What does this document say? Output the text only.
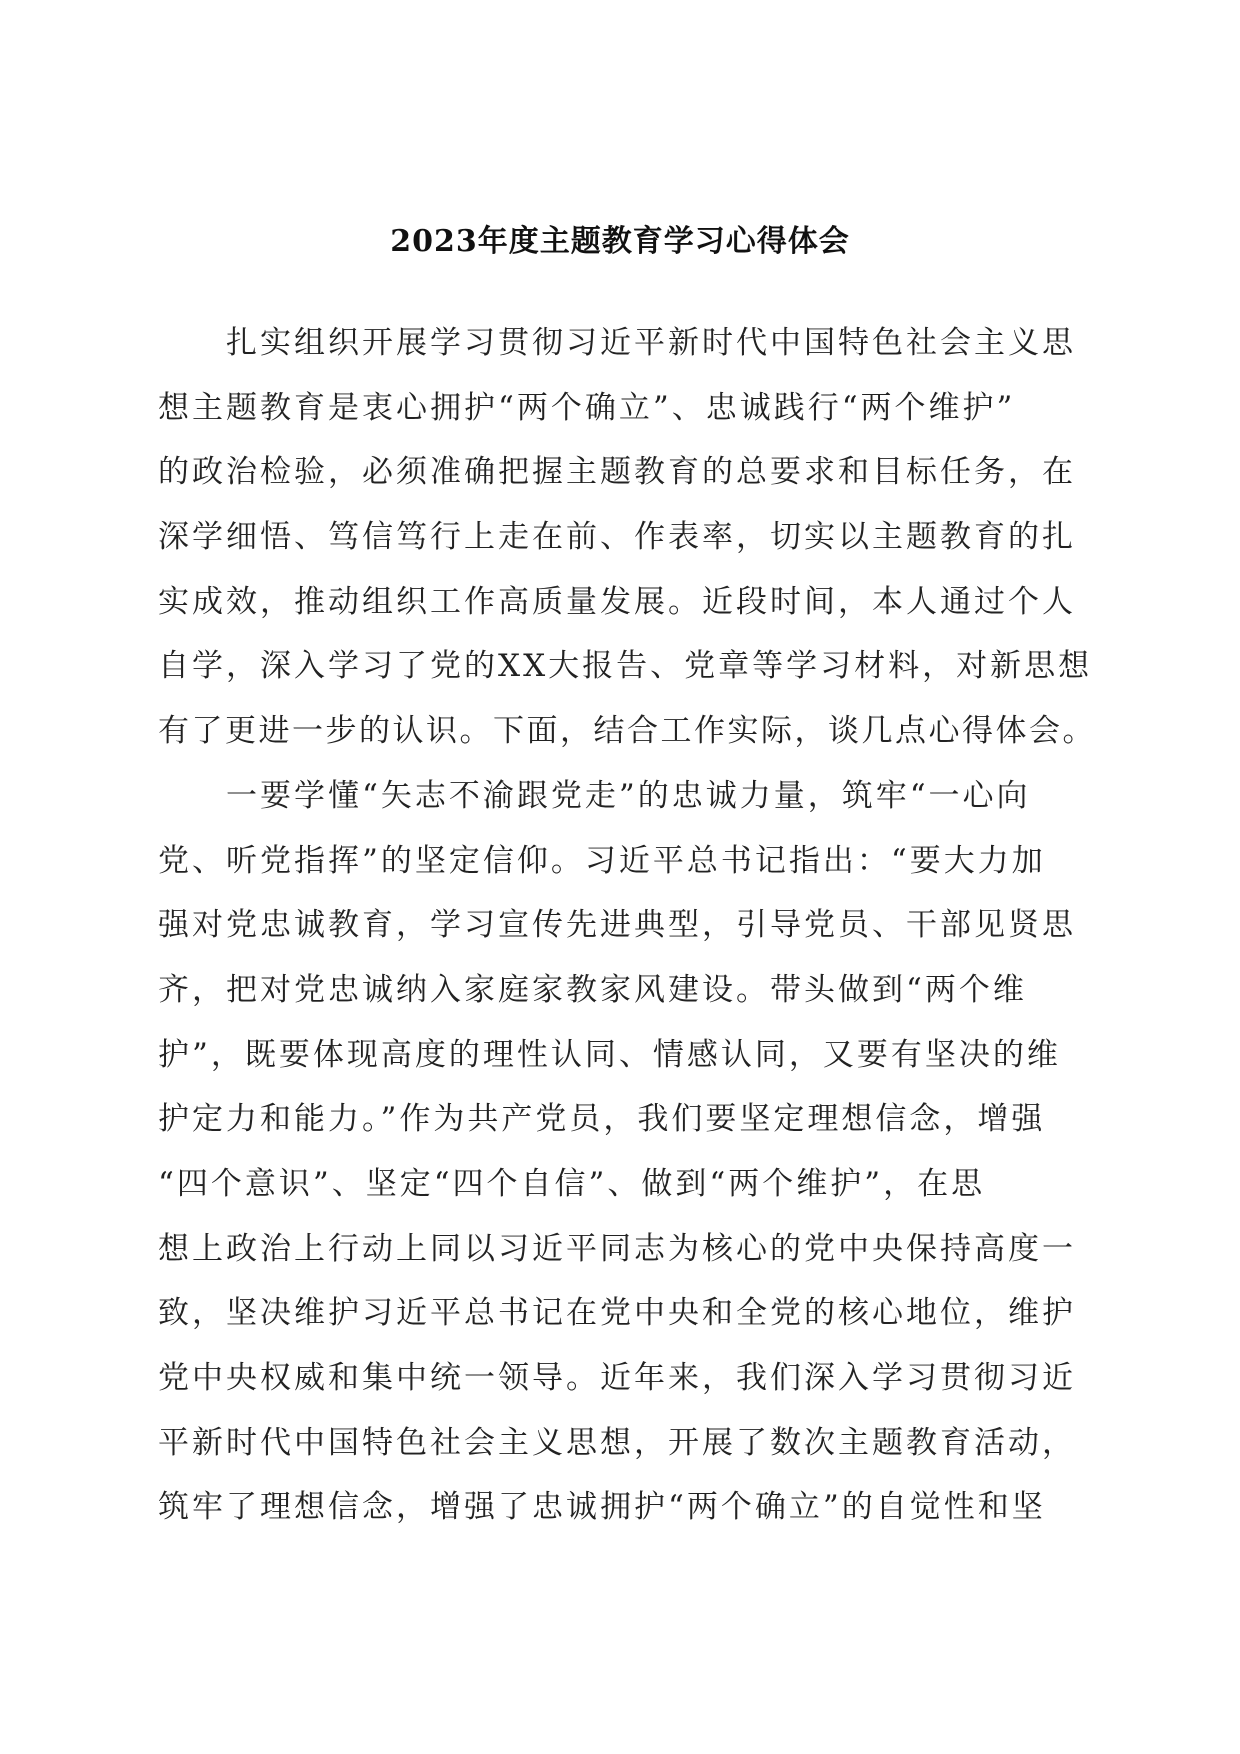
2023年度主题教育学习心得体会
扎实组织开展学习贯彻习近平新时代中国特色社会主义思
想主题教育是衷心拥护“两个确立”、忠诚践行“两个维护”
的政治检验，必须准确把握主题教育的总要求和目标任务，在
深学细悟、笃信笃行上走在前、作表率，切实以主题教育的扎
实成效，推动组织工作高质量发展。近段时间，本人通过个人
自学，深入学习了党的XX大报告、党章等学习材料，对新思想
有了更进一步的认识。下面，结合工作实际，谈几点心得体会。
一要学懂“矢志不渝跟党走”的忠诚力量，筑牢“一心向
党、听党指挥”的坚定信仰。习近平总书记指出：“要大力加
强对党忠诚教育，学习宣传先进典型，引导党员、干部见贤思
齐，把对党忠诚纳入家庭家教家风建设。带头做到“两个维
护”，既要体现高度的理性认同、情感认同，又要有坚决的维
护定力和能力。”作为共产党员，我们要坚定理想信念，增强
“四个意识”、坚定“四个自信”、做到“两个维护”，在思
想上政治上行动上同以习近平同志为核心的党中央保持高度一
致，坚决维护习近平总书记在党中央和全党的核心地位，维护
党中央权威和集中统一领导。近年来，我们深入学习贯彻习近
平新时代中国特色社会主义思想，开展了数次主题教育活动，
筑牢了理想信念，增强了忠诚拥护“两个确立”的自觉性和坚
